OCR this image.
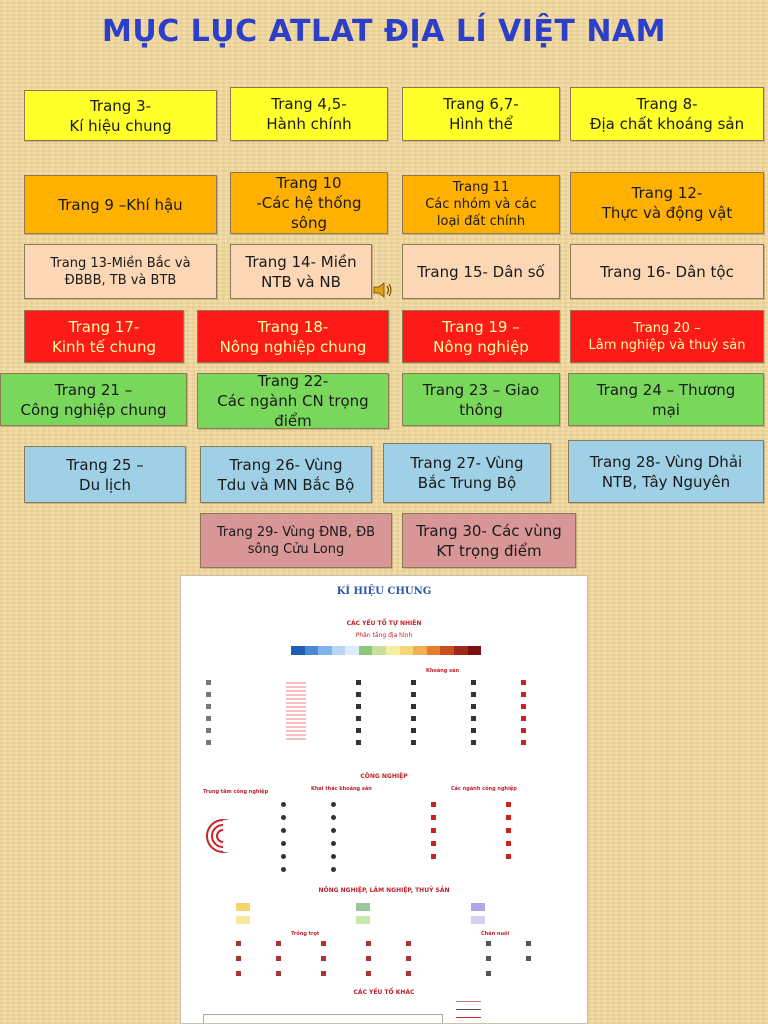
MỤC LỤC ATLAT ĐỊA LÍ VIỆT NAM
Trang 3-
Kí hiệu chung
Trang 4,5-
Hành chính
Trang 6,7-
Hình thể
Trang 8-
Địa chất khoáng sản
Trang 9 –Khí hậu
Trang 10
-Các hệ thống
sông
Trang 11
Các nhóm và các
loại đất chính
Trang 12-
Thực và động vật
Trang 13-Miền Bắc và
ĐBBB, TB và BTB
Trang 14- Miền
NTB và NB
Trang 15- Dân số	Trang 16- Dân tộc
Trang 17-
Kinh tế chung
Trang 18-
Nông nghiệp chung
Trang 19 –
Nông nghiệp
Trang 20 –
Lâm nghiệp và thuỷ sản
Trang 21 –
Công nghiệp chung
Trang 22-
Các ngành CN trọng
điểm
Trang 23 – Giao
thông
Trang 24 – Thương
mại
Trang 25 –
Du lịch
Trang 26- Vùng
Tdu và MN Bắc Bộ
Trang 27- Vùng
Bắc Trung Bộ
Trang 28- Vùng Dhải
NTB, Tây Nguyên
Trang 29- Vùng ĐNB, ĐB
sông Cửu Long
Trang 30- Các vùng
KT trọng điểm
KÍ HIỆU CHUNG
CÁC YẾU TỐ TỰ NHIÊN
Phân tầng địa hình
Khoáng sản
CÔNG NGHIỆP
Trung tâm công nghiệp	Khai thác khoáng sản	Các ngành công nghiệp
NÔNG NGHIỆP, LÂM NGHIỆP, THUỶ SẢN
Trồng trọt	Chăn nuôi
CÁC YẾU TỐ KHÁC
